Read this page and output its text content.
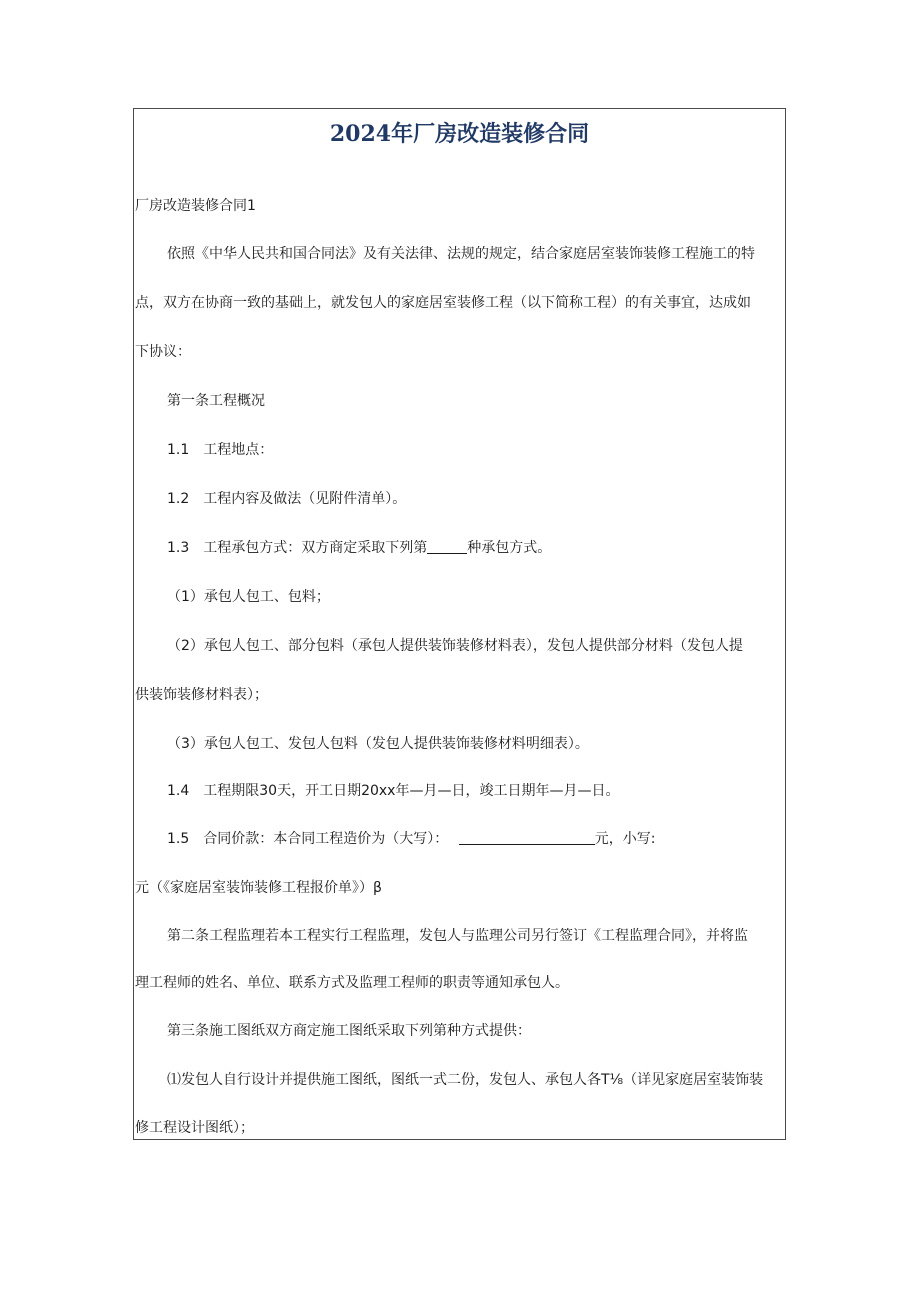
2024年厂房改造装修合同

厂房改造装修合同1

依照《中华人民共和国合同法》及有关法律、法规的规定，结合家庭居室装饰装修工程施工的特

点，双方在协商一致的基础上，就发包人的家庭居室装修工程（以下简称工程）的有关事宜，达成如

下协议：

第一条工程概况

1.1　工程地点：

1.2　工程内容及做法（见附件清单）。

1.3　工程承包方式：双方商定采取下列第	种承包方式。

（1）承包人包工、包料；

（2）承包人包工、部分包料（承包人提供装饰装修材料表），发包人提供部分材料（发包人提

供装饰装修材料表）；

（3）承包人包工、发包人包料（发包人提供装饰装修材料明细表）。

1.4　工程期限30天，开工日期20xx年—月—日，竣工日期年—月—日。

1.5　合同价款：本合同工程造价为（大写）：	元，小写:

元（《家庭居室装饰装修工程报价单》）β

第二条工程监理若本工程实行工程监理，发包人与监理公司另行签订《工程监理合同》，并将监

理工程师的姓名、单位、联系方式及监理工程师的职责等通知承包人。

第三条施工图纸双方商定施工图纸采取下列第种方式提供：

⑴发包人自行设计并提供施工图纸，图纸一式二份，发包人、承包人各T⅛（详见家庭居室装饰装

修工程设计图纸）；
